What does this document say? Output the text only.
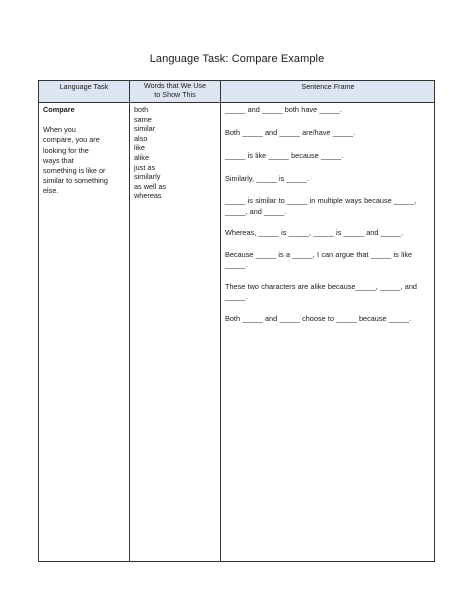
Language Task: Compare Example
Language Task	Words that We Use
to Show This
Sentence Frame
Compare
When you
compare, you are
looking for the
ways that
something is like or
similar to something
else.
both
same
similar
also
like
alike
just as
similarly
as well as
whereas
_____ and _____ both have _____.
Both _____ and _____ are/have _____.
_____ is like _____ because _____.
Similarly, _____ is _____.
_____ is similar to _____ in multiple ways because _____, _____, and _____.
Whereas, _____ is _____, _____ is _____ and _____.
Because _____ is a _____, I can argue that _____ is like _____.
These two characters are alike because_____, _____, and _____.
Both _____ and _____ choose to _____ because _____.
